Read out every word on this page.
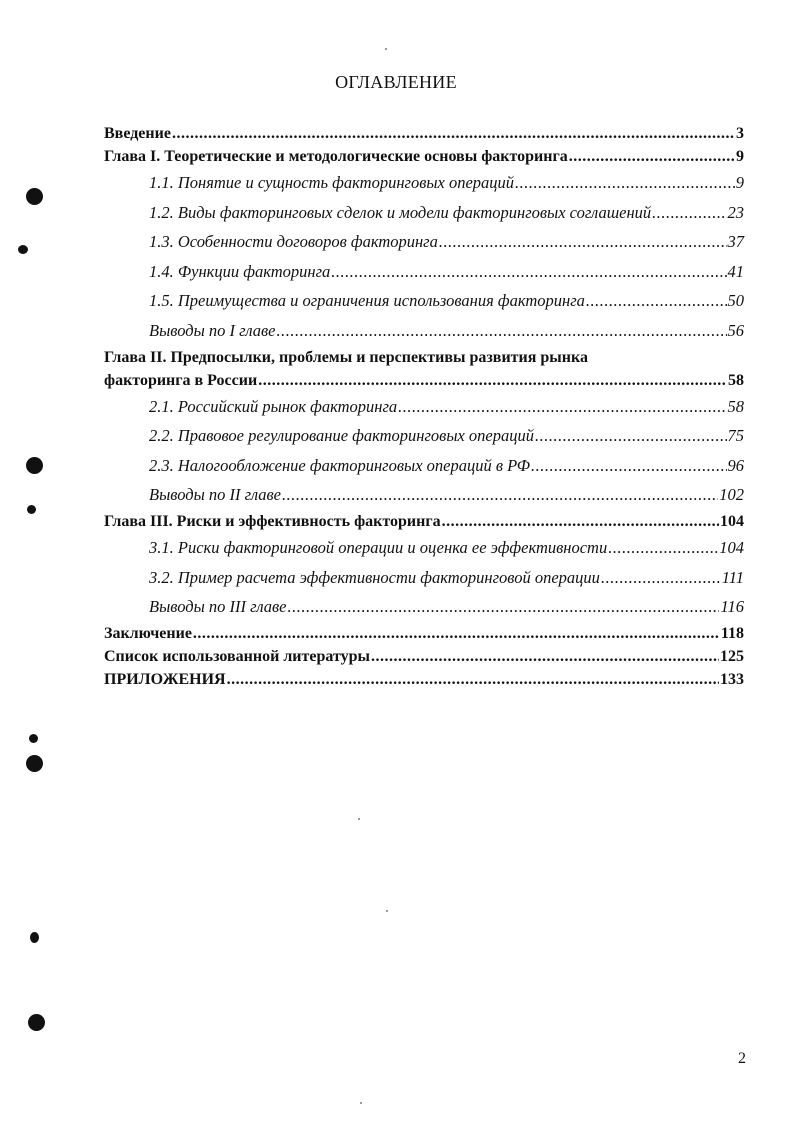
ОГЛАВЛЕНИЕ
Введение .....	3
Глава I. Теоретические и методологические основы факторинга .....	9
1.1. Понятие и сущность факторинговых операций .....	9
1.2. Виды факторинговых сделок и модели факторинговых соглашений .....	23
1.3. Особенности договоров факторинга .....	37
1.4. Функции факторинга .....	41
1.5. Преимущества и ограничения использования факторинга .....	50
Выводы по I главе .....	56
Глава II. Предпосылки, проблемы и перспективы развития рынка
факторинга в России .....	58
2.1. Российский рынок факторинга .....	58
2.2. Правовое регулирование факторинговых операций .....	75
2.3. Налогообложение факторинговых операций в РФ .....	96
Выводы по II главе .....	102
Глава III. Риски и эффективность факторинга .....	104
3.1. Риски факторинговой операции и оценка ее эффективности .....	104
3.2. Пример расчета эффективности факторинговой операции .....	111
Выводы по III главе .....	116
Заключение .....	118
Список использованной литературы .....	125
ПРИЛОЖЕНИЯ .....	133
2
